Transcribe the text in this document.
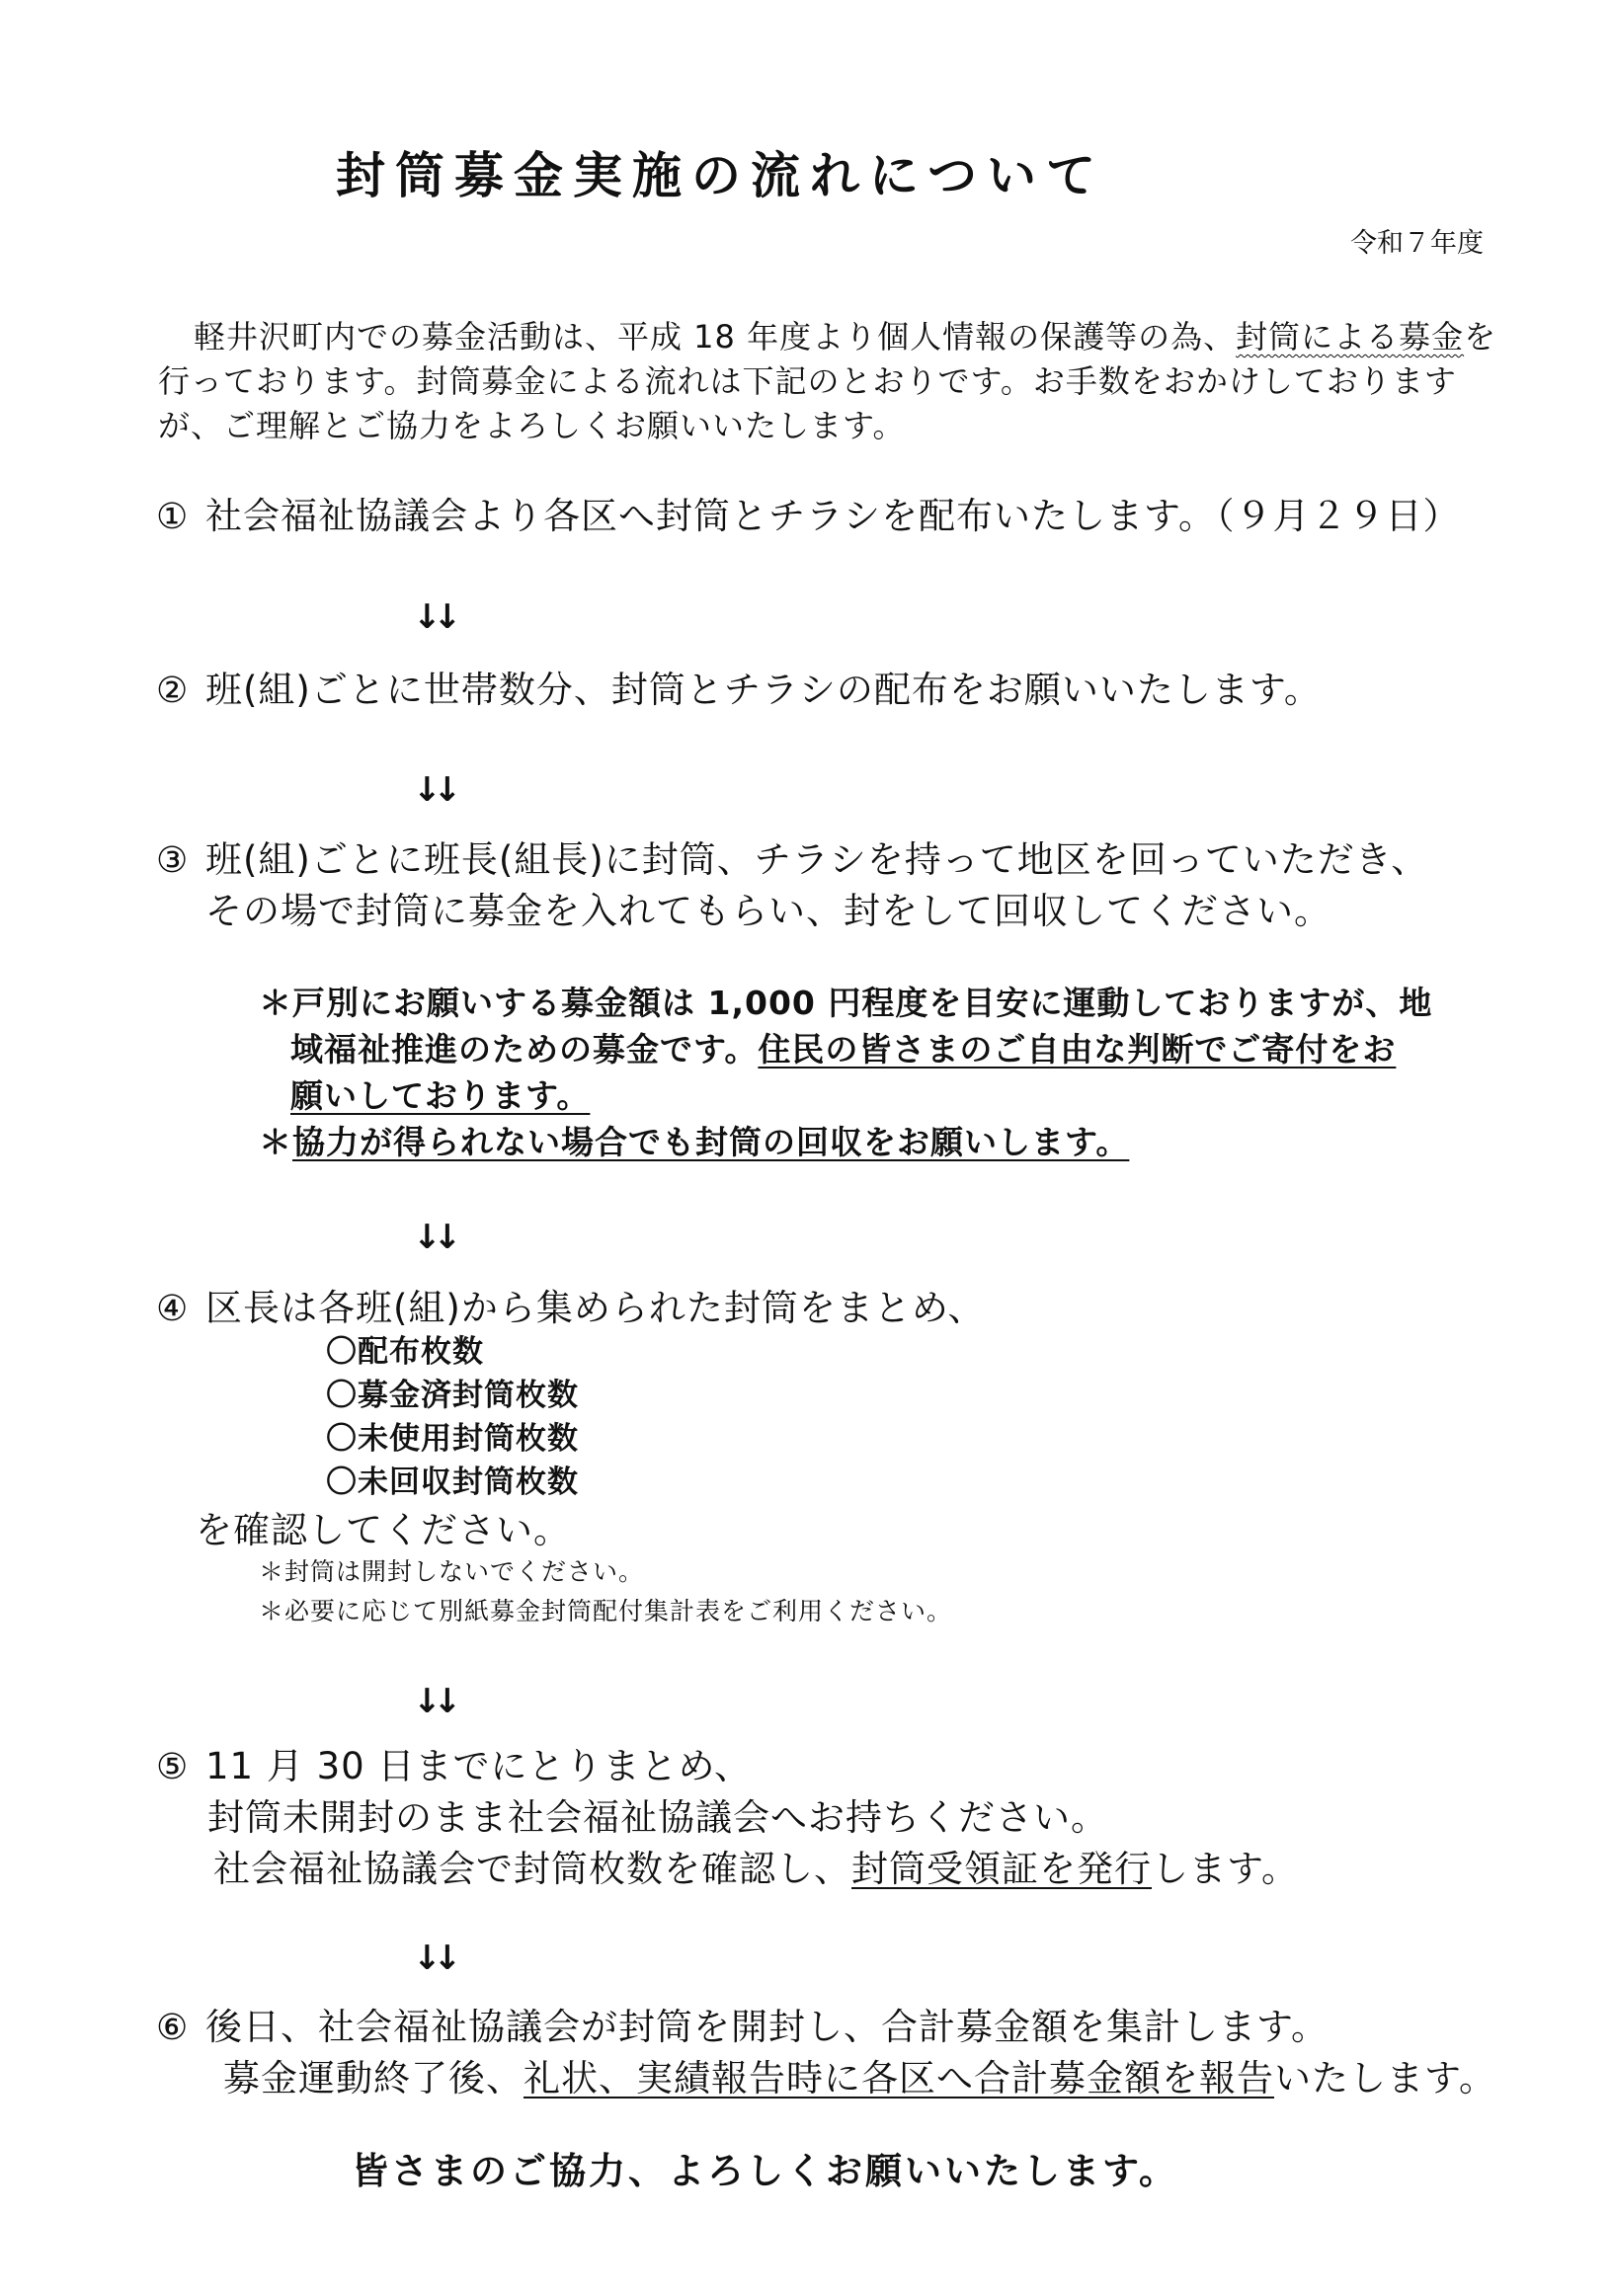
封筒募金実施の流れについて
令和７年度
軽井沢町内での募金活動は、平成 18 年度より個人情報の保護等の為、封筒による募金を
行っております。封筒募金による流れは下記のとおりです。お手数をおかけしております
が、ご理解とご協力をよろしくお願いいたします。
① 社会福祉協議会より各区へ封筒とチラシを配布いたします。（９月２９日）
↓↓
② 班(組)ごとに世帯数分、封筒とチラシの配布をお願いいたします。
↓↓
③ 班(組)ごとに班長(組長)に封筒、チラシを持って地区を回っていただき、
その場で封筒に募金を入れてもらい、封をして回収してください。
＊戸別にお願いする募金額は 1,000 円程度を目安に運動しておりますが、地
域福祉推進のための募金です。住民の皆さまのご自由な判断でご寄付をお
願いしております。
＊協力が得られない場合でも封筒の回収をお願いします。
↓↓
④ 区長は各班(組)から集められた封筒をまとめ、
〇配布枚数
〇募金済封筒枚数
〇未使用封筒枚数
〇未回収封筒枚数
を確認してください。
＊封筒は開封しないでください。
＊必要に応じて別紙募金封筒配付集計表をご利用ください。
↓↓
⑤ 11 月 30 日までにとりまとめ、
封筒未開封のまま社会福祉協議会へお持ちください。
社会福祉協議会で封筒枚数を確認し、封筒受領証を発行します。
↓↓
⑥ 後日、社会福祉協議会が封筒を開封し、合計募金額を集計します。
募金運動終了後、礼状、実績報告時に各区へ合計募金額を報告いたします。
皆さまのご協力、よろしくお願いいたします。
